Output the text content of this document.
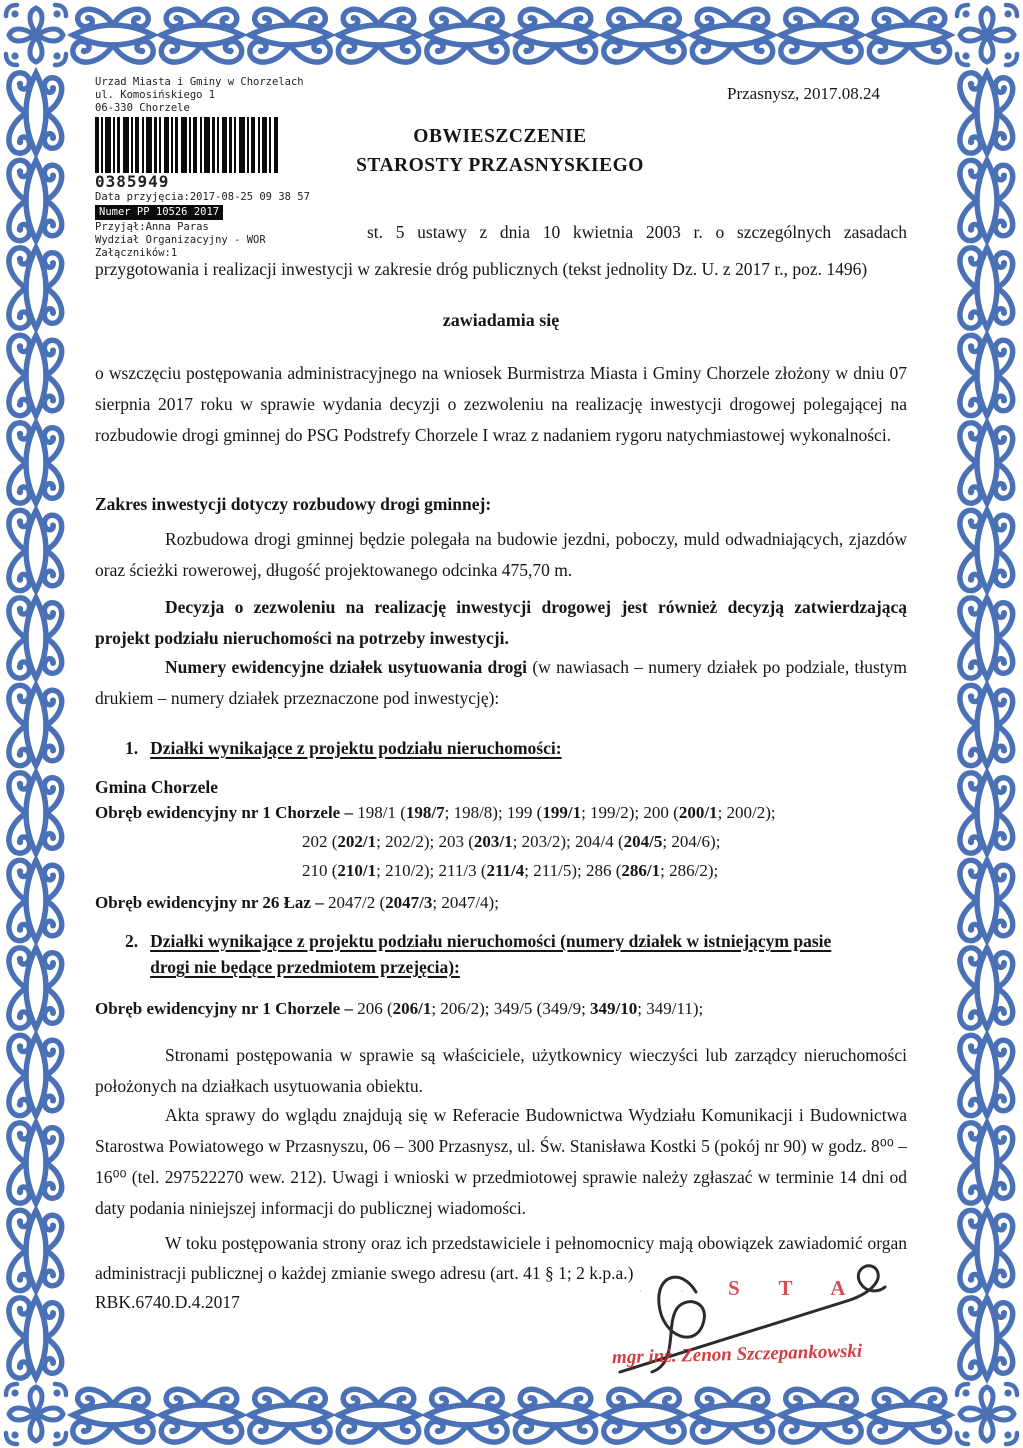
Urzad Miasta i Gminy w Chorzelach
ul. Komosińskiego 1
06-330 Chorzele
0385949
Data przyjęcia:2017-08-25 09 38 57
Numer PP 10526 2017
Przyjął:Anna Paras
Wydział Organizacyjny - WOR
Załączników:1
Przasnysz, 2017.08.24
OBWIESZCZENIE
STAROSTY PRZASNYSKIEGO
st. 5 ustawy z dnia 10 kwietnia 2003 r. o szczególnych zasadach przygotowania i realizacji inwestycji w zakresie dróg publicznych (tekst jednolity Dz. U. z 2017 r., poz. 1496)
zawiadamia się
o wszczęciu postępowania administracyjnego na wniosek Burmistrza Miasta i Gminy Chorzele złożony w dniu 07 sierpnia 2017 roku w sprawie wydania decyzji o zezwoleniu na realizację inwestycji drogowej polegającej na rozbudowie drogi gminnej do PSG Podstrefy Chorzele I wraz z nadaniem rygoru natychmiastowej wykonalności.
Zakres inwestycji dotyczy rozbudowy drogi gminnej:
Rozbudowa drogi gminnej będzie polegała na budowie jezdni, poboczy, muld odwadniających, zjazdów oraz ścieżki rowerowej, długość projektowanego odcinka 475,70 m.
Decyzja o zezwoleniu na realizację inwestycji drogowej jest również decyzją zatwierdzającą projekt podziału nieruchomości na potrzeby inwestycji.
Numery ewidencyjne działek usytuowania drogi (w nawiasach – numery działek po podziale, tłustym drukiem – numery działek przeznaczone pod inwestycję):
1. Działki wynikające z projektu podziału nieruchomości:
Gmina Chorzele
Obręb ewidencyjny nr 1 Chorzele – 198/1 (198/7; 198/8); 199 (199/1; 199/2); 200 (200/1; 200/2);
202 (202/1; 202/2); 203 (203/1; 203/2); 204/4 (204/5; 204/6);
210 (210/1; 210/2); 211/3 (211/4; 211/5); 286 (286/1; 286/2);
Obręb ewidencyjny nr 26 Łaz – 2047/2 (2047/3; 2047/4);
2. Działki wynikające z projektu podziału nieruchomości (numery działek w istniejącym pasie drogi nie będące przedmiotem przejęcia):
Obręb ewidencyjny nr 1 Chorzele – 206 (206/1; 206/2); 349/5 (349/9; 349/10; 349/11);
Stronami postępowania w sprawie są właściciele, użytkownicy wieczyści lub zarządcy nieruchomości położonych na działkach usytuowania obiektu.
Akta sprawy do wglądu znajdują się w Referacie Budownictwa Wydziału Komunikacji i Budownictwa Starostwa Powiatowego w Przasnyszu, 06 – 300 Przasnysz, ul. Św. Stanisława Kostki 5 (pokój nr 90) w godz. 8⁰⁰ – 16⁰⁰ (tel. 297522270 wew. 212). Uwagi i wnioski w przedmiotowej sprawie należy zgłaszać w terminie 14 dni od daty podania niniejszej informacji do publicznej wiadomości.
W toku postępowania strony oraz ich przedstawiciele i pełnomocnicy mają obowiązek zawiadomić organ administracji publicznej o każdej zmianie swego adresu (art. 41 § 1; 2 k.p.a.)
RBK.6740.D.4.2017	· · · S T A
mgr inż. Zenon Szczepankowski
